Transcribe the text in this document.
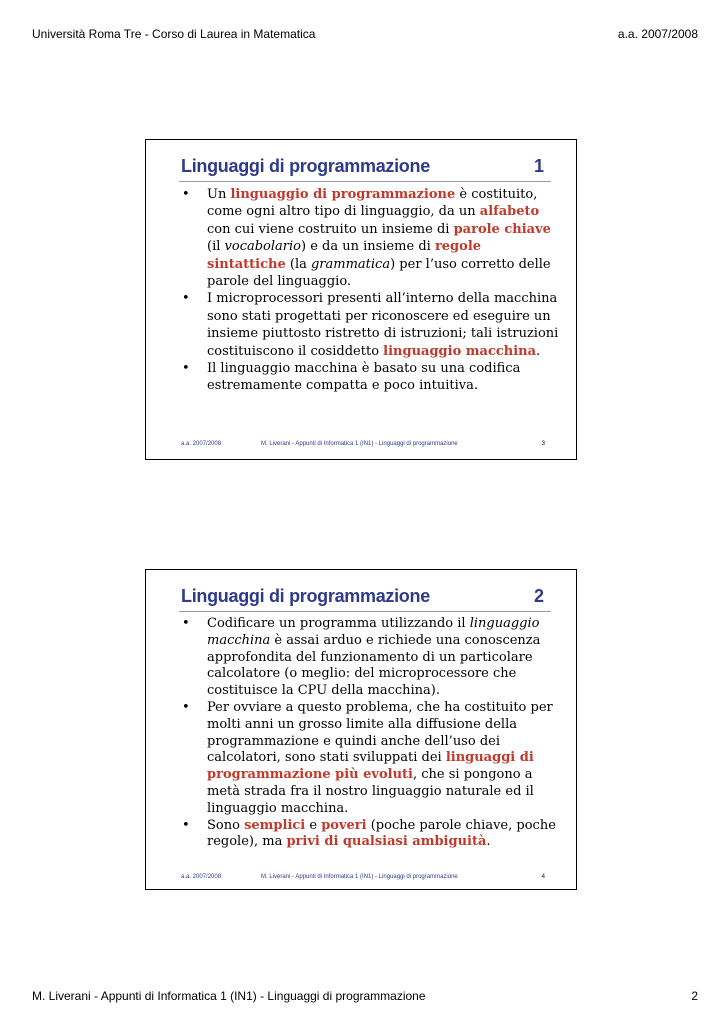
Università Roma Tre - Corso di Laurea in Matematica	a.a. 2007/2008
Linguaggi di programmazione	1
• Un linguaggio di programmazione è costituito, come ogni altro tipo di linguaggio, da un alfabeto con cui viene costruito un insieme di parole chiave (il vocabolario) e da un insieme di regole sintattiche (la grammatica) per l’uso corretto delle parole del linguaggio.
• I microprocessori presenti all’interno della macchina sono stati progettati per riconoscere ed eseguire un insieme piuttosto ristretto di istruzioni; tali istruzioni costituiscono il cosiddetto linguaggio macchina.
• Il linguaggio macchina è basato su una codifica estremamente compatta e poco intuitiva.
a.a. 2007/2008	M. Liverani - Appunti di Informatica 1 (IN1) - Linguaggi di programmazione	3
Linguaggi di programmazione	2
• Codificare un programma utilizzando il linguaggio macchina è assai arduo e richiede una conoscenza approfondita del funzionamento di un particolare calcolatore (o meglio: del microprocessore che costituisce la CPU della macchina).
• Per ovviare a questo problema, che ha costituito per molti anni un grosso limite alla diffusione della programmazione e quindi anche dell’uso dei calcolatori, sono stati sviluppati dei linguaggi di programmazione più evoluti, che si pongono a metà strada fra il nostro linguaggio naturale ed il linguaggio macchina.
• Sono semplici e poveri (poche parole chiave, poche regole), ma privi di qualsiasi ambiguità.
a.a. 2007/2008	M. Liverani - Appunti di Informatica 1 (IN1) - Linguaggi di programmazione	4
M. Liverani - Appunti di Informatica 1 (IN1) - Linguaggi di programmazione	2
